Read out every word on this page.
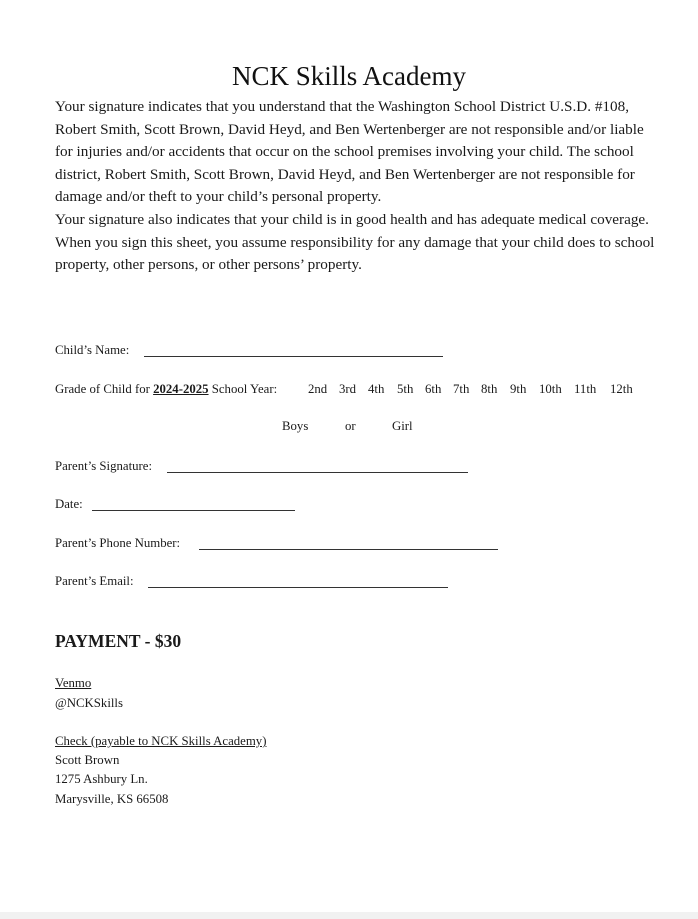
NCK Skills Academy

Your signature indicates that you understand that the Washington School District U.S.D. #108, Robert Smith, Scott Brown, David Heyd, and Ben Wertenberger are not responsible and/or liable for injuries and/or accidents that occur on the school premises involving your child. The school district, Robert Smith, Scott Brown, David Heyd, and Ben Wertenberger are not responsible for damage and/or theft to your child’s personal property.

Your signature also indicates that your child is in good health and has adequate medical coverage. When you sign this sheet, you assume responsibility for any damage that your child does to school property, other persons, or other persons’ property.

Child’s Name:
Grade of Child for 2024-2025 School Year: 2nd 3rd 4th 5th 6th 7th 8th 9th 10th 11th 12th
Boys	or	Girl
Parent’s Signature:
Date:
Parent’s Phone Number:
Parent’s Email:
PAYMENT - $30
Venmo
@NCKSkills
Check (payable to NCK Skills Academy)
Scott Brown
1275 Ashbury Ln.
Marysville, KS 66508
